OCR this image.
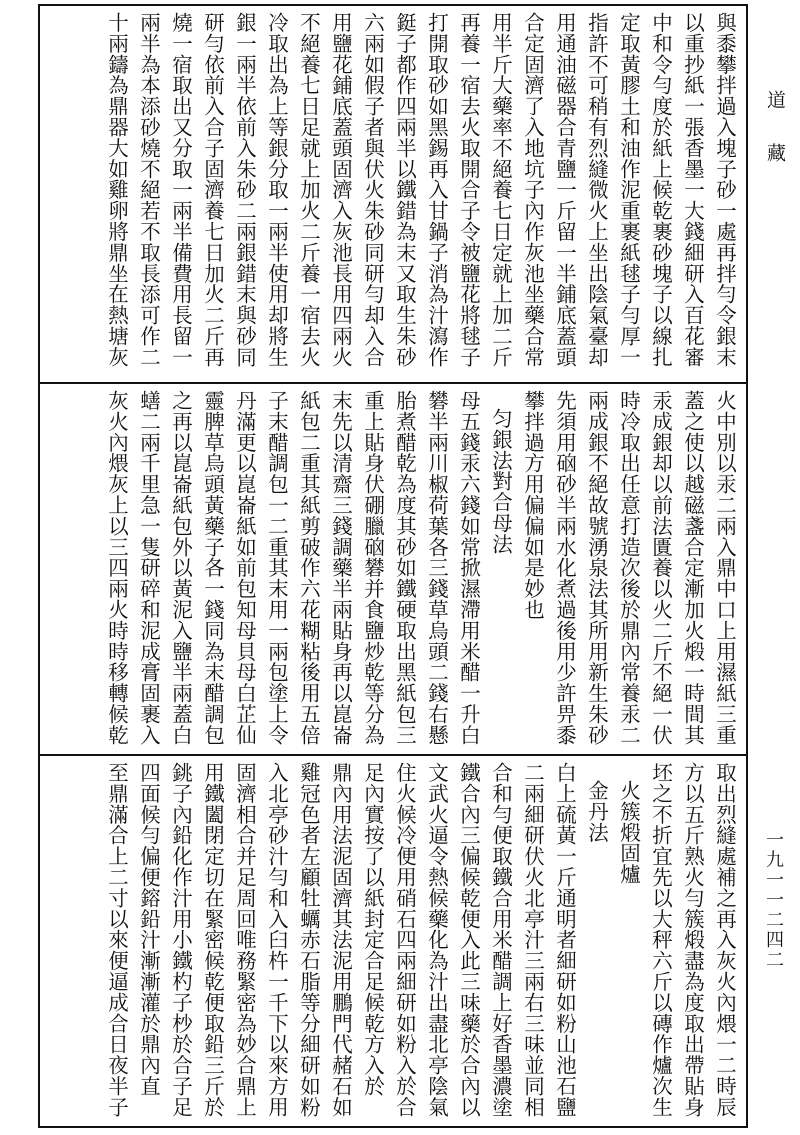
與黍攀拌過入塊子砂一處再拌勻令銀末
以重抄紙一張香墨一大錢細研入百花審
中和令勻度於紙上候乾裹砂塊子以線扎
定取黃膠土和油作泥重裹紙毬子勻厚一
指許不可稍有烈縫微火上坐出陰氣臺却
用通油磁器合青鹽一斤留一半鋪底蓋頭
合定固濟了入地坑子內作灰池坐藥合常
用半斤大藥率不絕養七日定就上加二斤
再養一宿去火取開合子令被鹽花將毬子
打開取砂如黑錫再入甘鍋子消為汁瀉作
鋌子都作四兩半以鐵錯為末又取生朱砂
六兩如假子者與伏火朱砂同研勻却入合
用鹽花鋪底蓋頭固濟入灰池長用四兩火
不絕養七日足就上加火二斤養一宿去火
冷取出為上等銀分取一兩半使用却將生
銀一兩半依前入朱砂二兩銀錯末與砂同
研勻依前入合子固濟養七日加火二斤再
燒一宿取出又分取一兩半備費用長留一
兩半為本添砂燒不絕若不取長添可作二
十兩鑄為鼎器大如雞卵將鼎坐在熱塘灰
火中別以汞二兩入鼎中口上用濕紙三重
蓋之使以越磁盞合定漸加火煅一時間其
汞成銀却以前法匱養以火二斤不絕一伏
時冷取出任意打造次後於鼎內常養汞二
兩成銀不絕故號湧泉法其所用新生朱砂
先須用硇砂半兩水化煮過後用少許畀黍
攀拌過方用偏偏如是妙也
匀銀法對合母法
母五錢汞六錢如常掀濕滯用米醋一升白
礬半兩川椒荷葉各三錢草烏頭二錢右懸
胎煮醋乾為度其砂如鐵硬取出黑紙包三
重上貼身伏硼臘硇礬并食鹽炒乾等分為
末先以清齋三錢調藥半兩貼身再以崑崙
紙包二重其紙剪破作六花糊粘後用五倍
子末醋調包一二重其末用一兩包塗上令
丹滿更以崑崙紙如前包知母貝母白芷仙
靈脾草烏頭黃藥子各一錢同為末醋調包
之再以崑崙紙包外以黃泥入鹽半兩蓋白
蟮二兩千里急一隻研碎和泥成膏固裹入
灰火內煨灰上以三四兩火時時移轉候乾
取出烈縫處補之再入灰火內煨一二時辰
方以五斤熟火勻簇煅盡為度取出帶貼身
坯之不折宜先以大秤六斤以磚作爐次生
火簇煅固爐
金丹法
白上硫黃一斤通明者細研如粉山池石鹽
二兩細研伏火北亭汁三兩右三味並同相
合和勻便取鐵合用米醋調上好香墨濃塗
鐵合內三偏候乾便入此三味藥於合內以
文武火逼令熱候藥化為汁出盡北亭陰氣
住火候冷便用硝石四兩細研如粉入於合
足內實按了以紙封定合足候乾方入於
鼎內用法泥固濟其法泥用鵬門代赭石如
雞冠色者左顧牡蠣赤石脂等分細研如粉
入北亭砂汁勻和入臼杵一千下以來方用
固濟相合并足周回唯務緊密為妙合鼎上
用鐵闔閉定切在緊密候乾便取鉛三斤於
銚子內鉛化作汁用小鐵杓子杪於合子足
四面候勻偏便鎔鉛汁漸漸灌於鼎內直
至鼎滿合上二寸以來便逼成合日夜半子
道 藏
一九一一二四二
